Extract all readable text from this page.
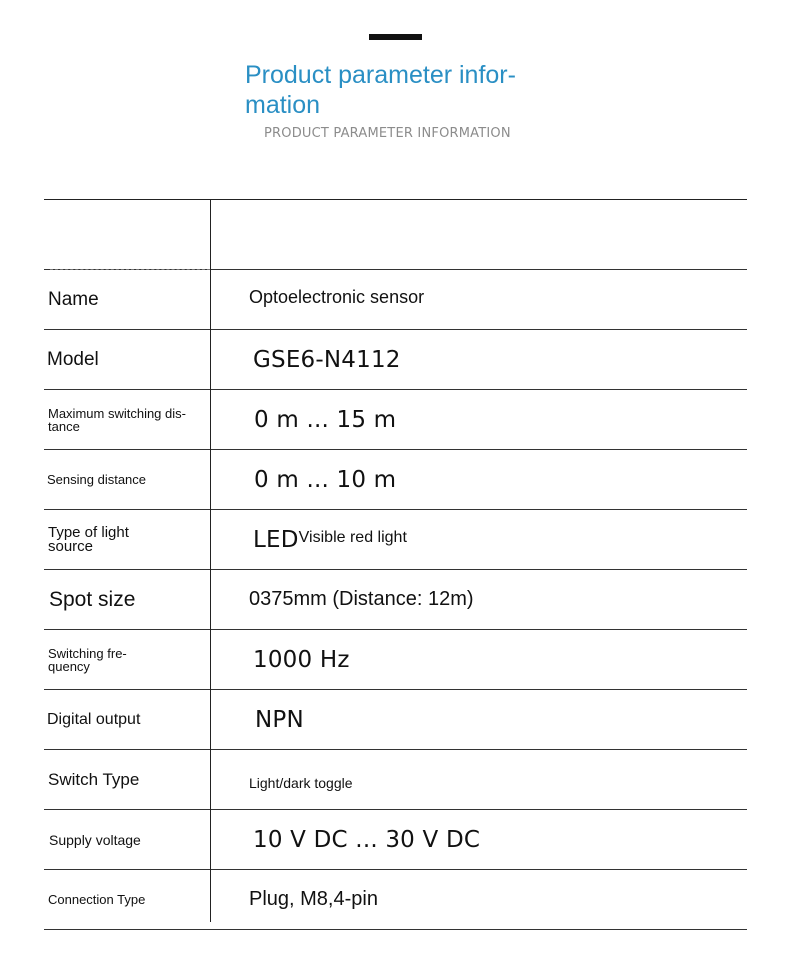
Product parameter infor-mation
PRODUCT PARAMETER INFORMATION
Name	Optoelectronic sensor
Model	GSE6-N4112
Maximum switching dis-tance	0 m ... 15 m
Sensing distance	0 m ... 10 m
Type of light source	LED Visible red light
Spot size	0375mm (Distance: 12m)
Switching fre-quency	1000 Hz
Digital output	NPN
Switch Type	Light/dark toggle
Supply voltage	10 V DC ... 30 V DC
Connection Type	Plug, M8,4-pin
